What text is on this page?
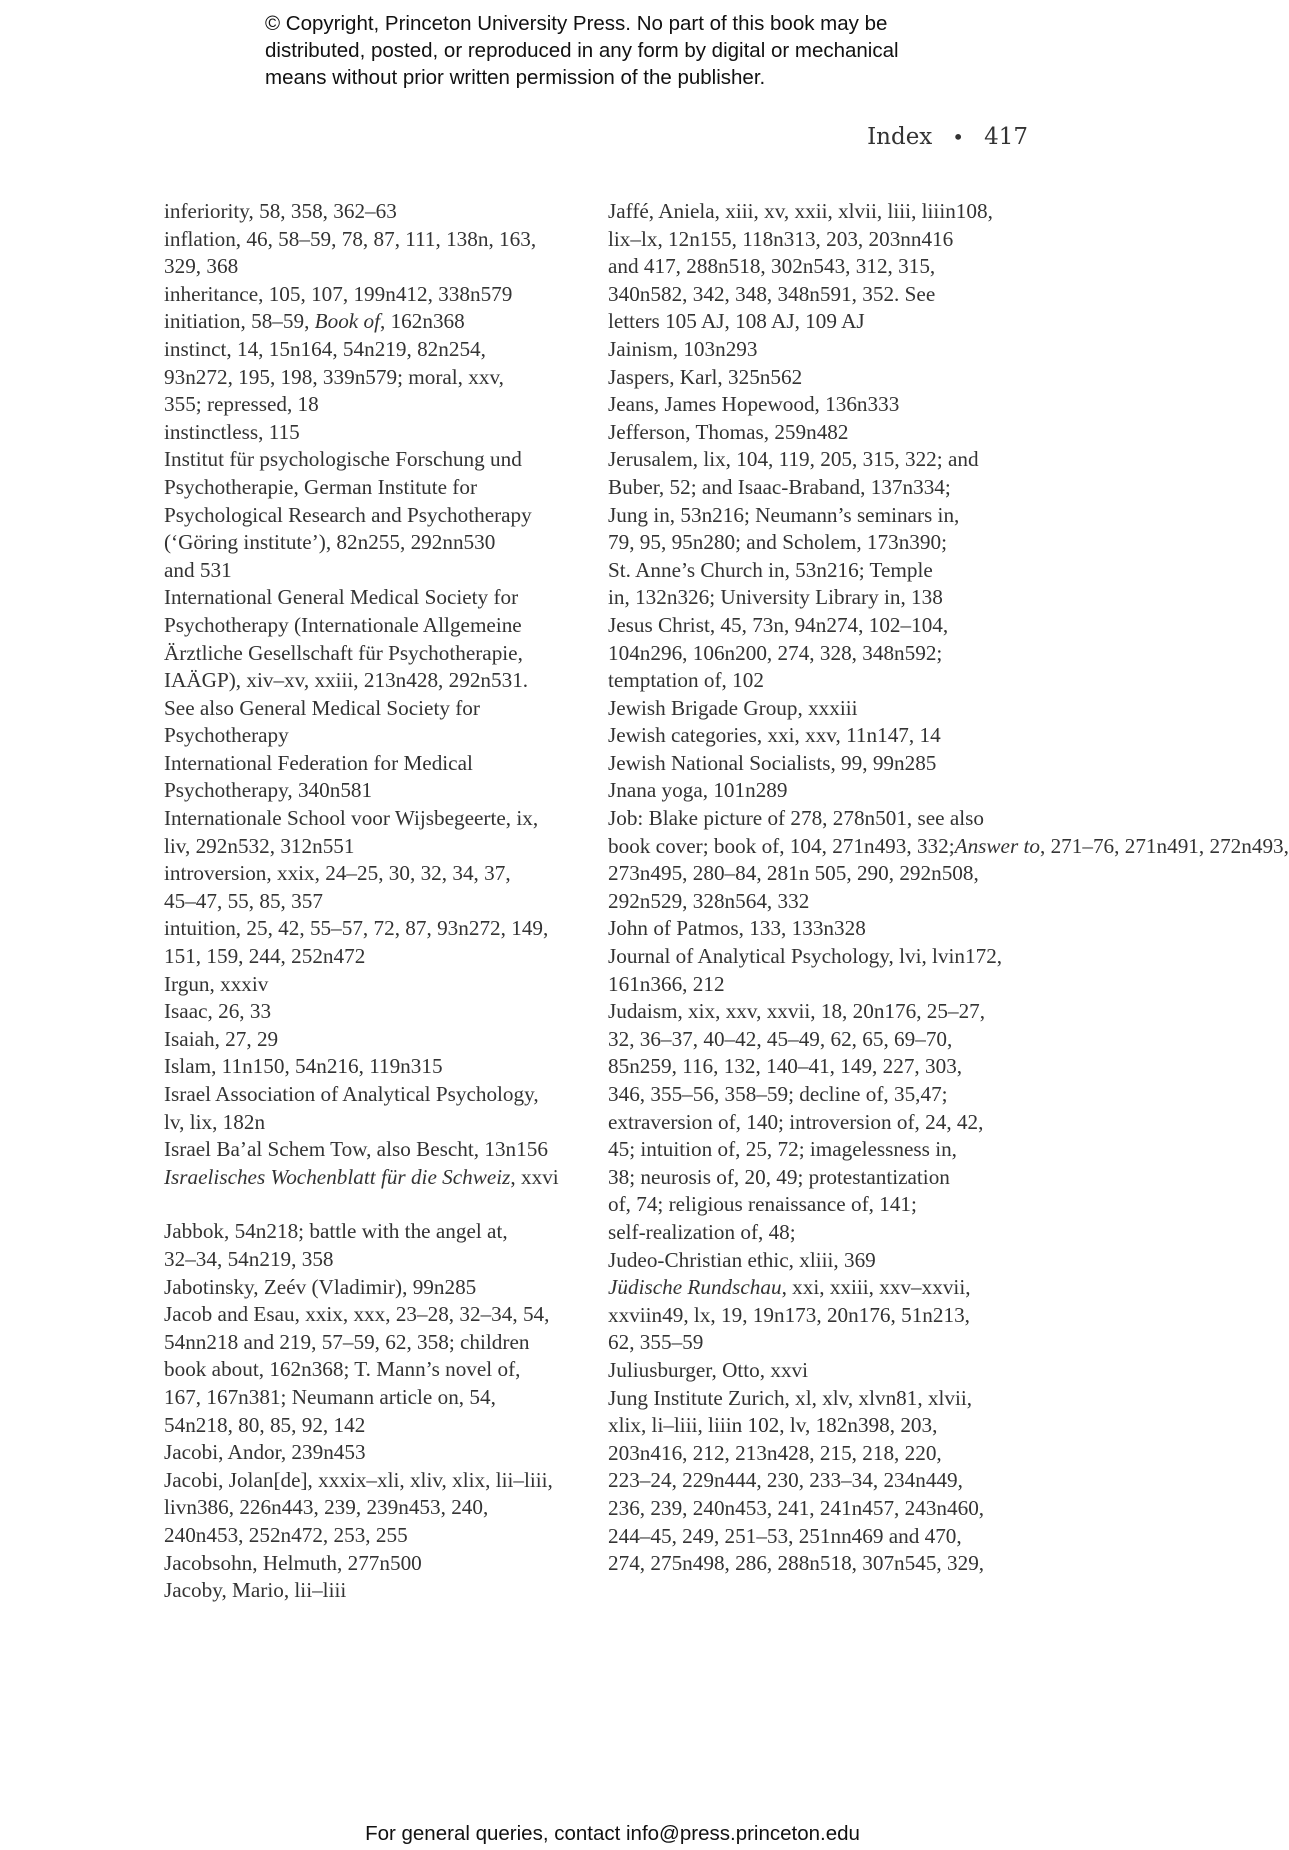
© Copyright, Princeton University Press. No part of this book may be
distributed, posted, or reproduced in any form by digital or mechanical
means without prior written permission of the publisher.
Index • 417

inferiority, 58, 358, 362–63

inflation, 46, 58–59, 78, 87, 111, 138n, 163,
329, 368

inheritance, 105, 107, 199n412, 338n579

initiation, 58–59, Book of, 162n368

instinct, 14, 15n164, 54n219, 82n254,
93n272, 195, 198, 339n579; moral, xxv,
355; repressed, 18

instinctless, 115

Institut für psychologische Forschung und
Psychotherapie, German Institute for
Psychological Research and Psychotherapy
(‘Göring institute’), 82n255, 292nn530
and 531

International General Medical Society for
Psychotherapy (Internationale Allgemeine
Ärztliche Gesellschaft für Psychotherapie,
IAÄGP), xiv–xv, xxiii, 213n428, 292n531.
See also General Medical Society for
Psychotherapy

International Federation for Medical
Psychotherapy, 340n581

Internationale School voor Wijsbegeerte, ix,
liv, 292n532, 312n551

introversion, xxix, 24–25, 30, 32, 34, 37,
45–47, 55, 85, 357

intuition, 25, 42, 55–57, 72, 87, 93n272, 149,
151, 159, 244, 252n472

Irgun, xxxiv

Isaac, 26, 33

Isaiah, 27, 29

Islam, 11n150, 54n216, 119n315

Israel Association of Analytical Psychology,
lv, lix, 182n

Israel Ba’al Schem Tow, also Bescht, 13n156

Israelisches Wochenblatt für die Schweiz, xxvi

Jabbok, 54n218; battle with the angel at,
32–34, 54n219, 358

Jabotinsky, Zeév (Vladimir), 99n285

Jacob and Esau, xxix, xxx, 23–28, 32–34, 54,
54nn218 and 219, 57–59, 62, 358; children
book about, 162n368; T. Mann’s novel of,
167, 167n381; Neumann article on, 54,
54n218, 80, 85, 92, 142

Jacobi, Andor, 239n453

Jacobi, Jolan[de], xxxix–xli, xliv, xlix, lii–liii,
livn386, 226n443, 239, 239n453, 240,
240n453, 252n472, 253, 255

Jacobsohn, Helmuth, 277n500

Jacoby, Mario, lii–liii

Jaffé, Aniela, xiii, xv, xxii, xlvii, liii, liiin108,
lix–lx, 12n155, 118n313, 203, 203nn416
and 417, 288n518, 302n543, 312, 315,
340n582, 342, 348, 348n591, 352. See
letters 105 AJ, 108 AJ, 109 AJ

Jainism, 103n293

Jaspers, Karl, 325n562

Jeans, James Hopewood, 136n333

Jefferson, Thomas, 259n482

Jerusalem, lix, 104, 119, 205, 315, 322; and
Buber, 52; and Isaac-Braband, 137n334;
Jung in, 53n216; Neumann’s seminars in,
79, 95, 95n280; and Scholem, 173n390;
St. Anne’s Church in, 53n216; Temple
in, 132n326; University Library in, 138

Jesus Christ, 45, 73n, 94n274, 102–104,
104n296, 106n200, 274, 328, 348n592;
temptation of, 102

Jewish Brigade Group, xxxiii

Jewish categories, xxi, xxv, 11n147, 14

Jewish National Socialists, 99, 99n285

Jnana yoga, 101n289

Job: Blake picture of 278, 278n501, see also
book cover; book of, 104, 271n493, 332;Answer to, 271–76, 271n491, 272n493,
273n495, 280–84, 281n 505, 290, 292n508,
292n529, 328n564, 332

John of Patmos, 133, 133n328

Journal of Analytical Psychology, lvi, lvin172,
161n366, 212

Judaism, xix, xxv, xxvii, 18, 20n176, 25–27,
32, 36–37, 40–42, 45–49, 62, 65, 69–70,
85n259, 116, 132, 140–41, 149, 227, 303,
346, 355–56, 358–59; decline of, 35,47;
extraversion of, 140; introversion of, 24, 42,
45; intuition of, 25, 72; imagelessness in,
38; neurosis of, 20, 49; protestantization
of, 74; religious renaissance of, 141;
self-realization of, 48;

Judeo-Christian ethic, xliii, 369

Jüdische Rundschau, xxi, xxiii, xxv–xxvii,
xxviin49, lx, 19, 19n173, 20n176, 51n213,
62, 355–59

Juliusburger, Otto, xxvi

Jung Institute Zurich, xl, xlv, xlvn81, xlvii,
xlix, li–liii, liiin 102, lv, 182n398, 203,
203n416, 212, 213n428, 215, 218, 220,
223–24, 229n444, 230, 233–34, 234n449,
236, 239, 240n453, 241, 241n457, 243n460,
244–45, 249, 251–53, 251nn469 and 470,
274, 275n498, 286, 288n518, 307n545, 329,

For general queries, contact info@press.princeton.edu
